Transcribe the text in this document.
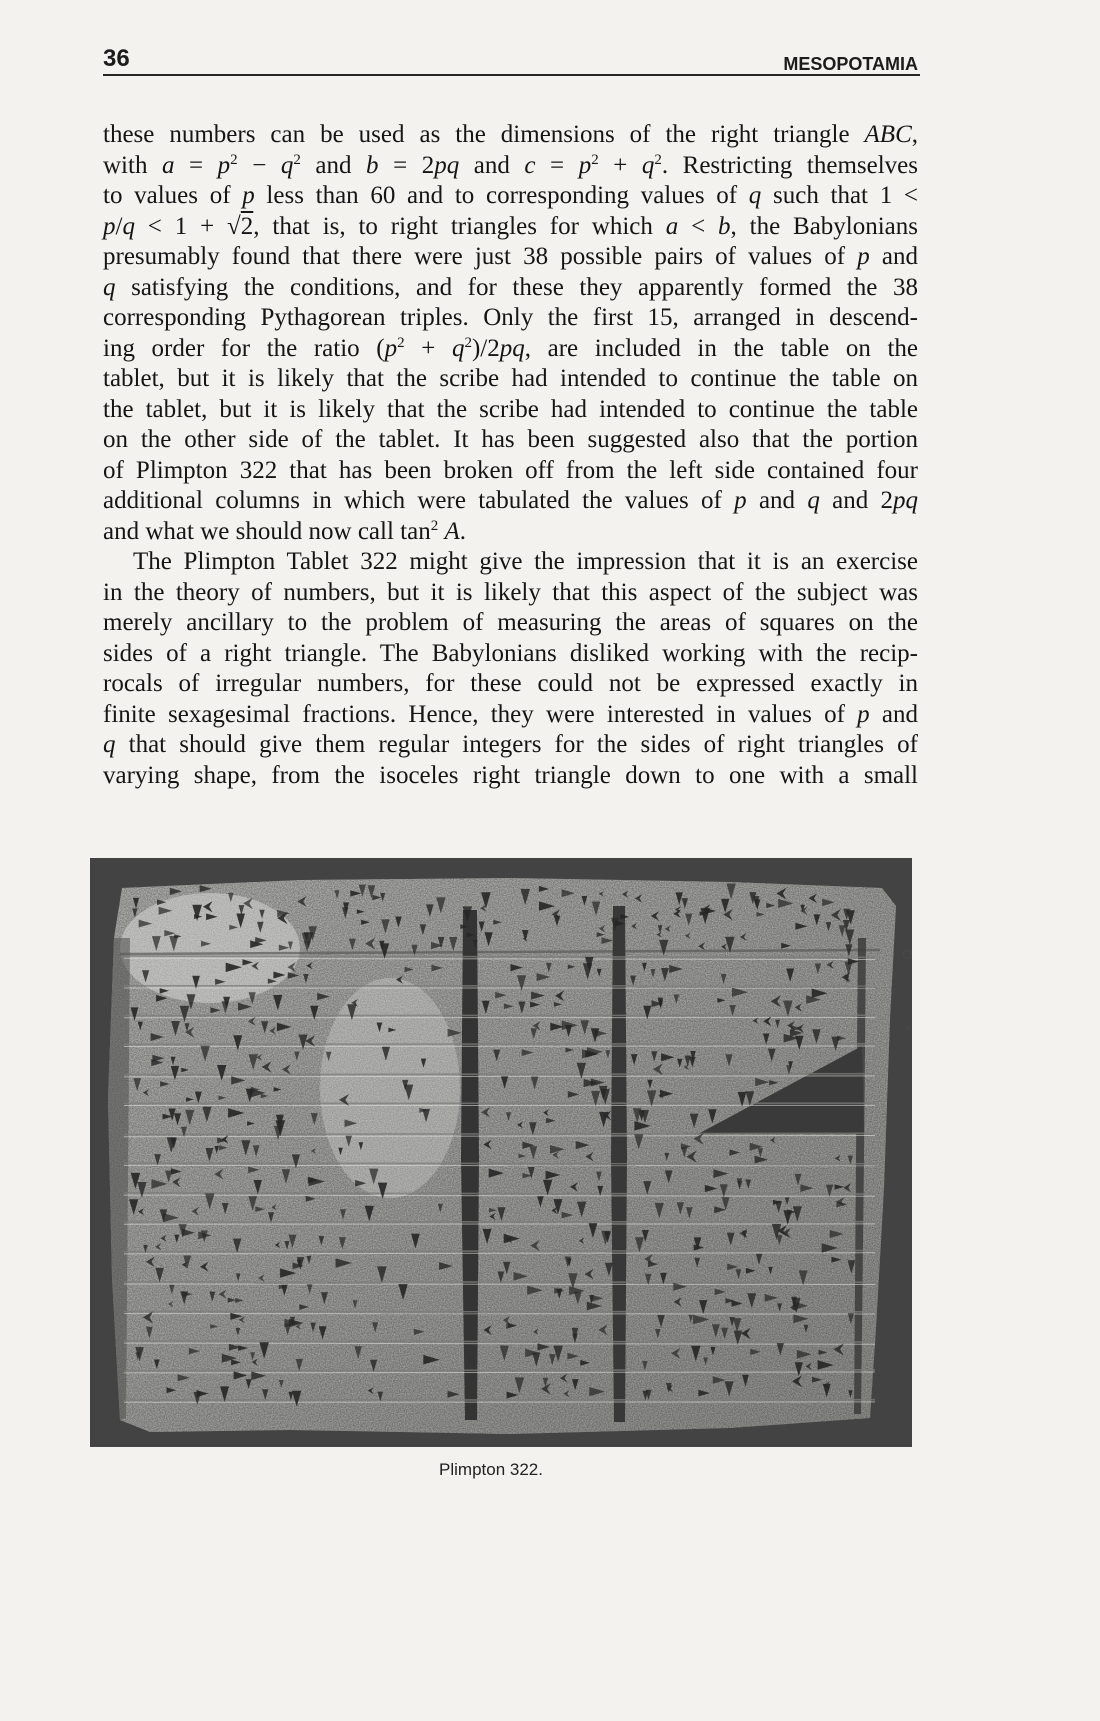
36	MESOPOTAMIA
these numbers can be used as the dimensions of the right triangle ABC,
with $a = p^2 - q^2$ and b = 2pq and $c = p^2 + q^2$. Restricting themselves
to values of p less than 60 and to corresponding values of q such that 1 <
p/q < 1 + √2, that is, to right triangles for which a < b, the Babylonians
presumably found that there were just 38 possible pairs of values of p and
q satisfying the conditions, and for these they apparently formed the 38
corresponding Pythagorean triples. Only the first 15, arranged in descend-
ing order for the ratio $(p^2 + q^2)/2pq$, are included in the table on the
tablet, but it is likely that the scribe had intended to continue the table on
the tablet, but it is likely that the scribe had intended to continue the table
on the other side of the tablet. It has been suggested also that the portion
of Plimpton 322 that has been broken off from the left side contained four
additional columns in which were tabulated the values of p and q and 2pq
and what we should now call $\tan^2 A$.
The Plimpton Tablet 322 might give the impression that it is an exercise
in the theory of numbers, but it is likely that this aspect of the subject was
merely ancillary to the problem of measuring the areas of squares on the
sides of a right triangle. The Babylonians disliked working with the recip-
rocals of irregular numbers, for these could not be expressed exactly in
finite sexagesimal fractions. Hence, they were interested in values of p and
q that should give them regular integers for the sides of right triangles of
varying shape, from the isoceles right triangle down to one with a small
Plimpton 322.
